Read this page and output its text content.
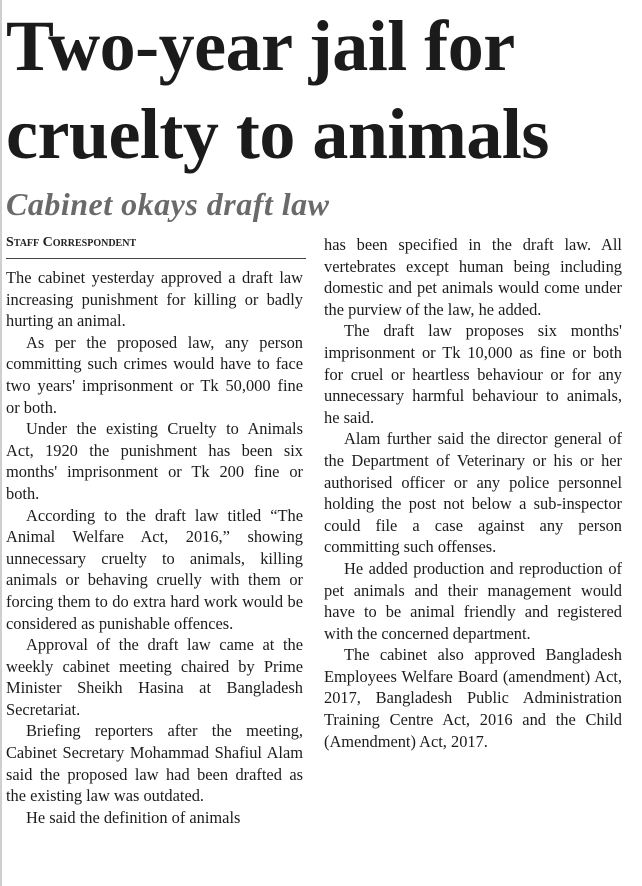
Two-year jail for cruelty to animals
Cabinet okays draft law
Staff Correspondent

The cabinet yesterday approved a draft law increasing punishment for killing or badly hurting an animal.

As per the proposed law, any person committing such crimes would have to face two years' imprisonment or Tk 50,000 fine or both.

Under the existing Cruelty to Animals Act, 1920 the punishment has been six months' imprisonment or Tk 200 fine or both.

According to the draft law titled “The Animal Welfare Act, 2016,” showing unnecessary cruelty to animals, killing animals or behaving cruelly with them or forcing them to do extra hard work would be considered as punishable offences.

Approval of the draft law came at the weekly cabinet meeting chaired by Prime Minister Sheikh Hasina at Bangladesh Secretariat.

Briefing reporters after the meeting, Cabinet Secretary Mohammad Shafiul Alam said the proposed law had been drafted as the existing law was outdated.

He said the definition of animals

has been specified in the draft law. All vertebrates except human being including domestic and pet animals would come under the purview of the law, he added.

The draft law proposes six months' imprisonment or Tk 10,000 as fine or both for cruel or heartless behaviour or for any unnecessary harmful behaviour to animals, he said.

Alam further said the director general of the Department of Veterinary or his or her authorised officer or any police personnel holding the post not below a sub-inspector could file a case against any person committing such offenses.

He added production and reproduction of pet animals and their management would have to be animal friendly and registered with the concerned department.

The cabinet also approved Bangladesh Employees Welfare Board (amendment) Act, 2017, Bangladesh Public Administration Training Centre Act, 2016 and the Child (Amendment) Act, 2017.
